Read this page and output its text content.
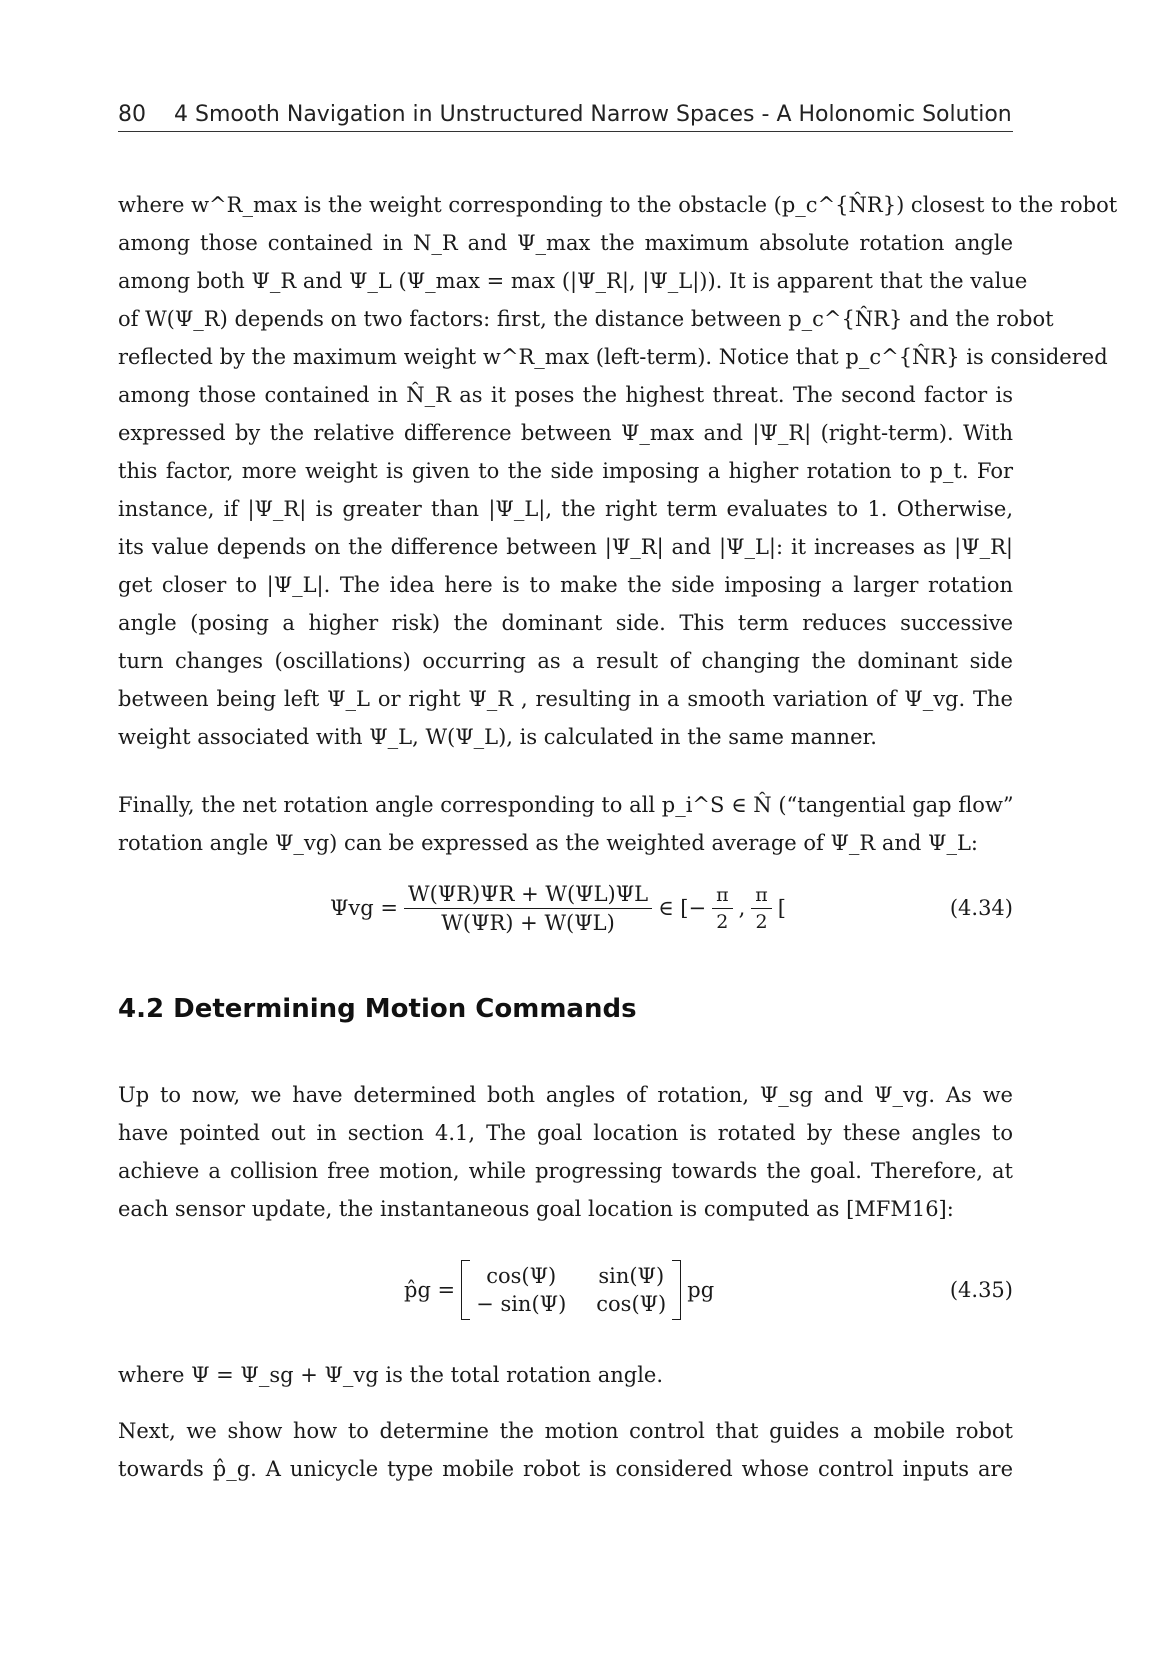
80 4 Smooth Navigation in Unstructured Narrow Spaces - A Holonomic Solution

where w^R_max is the weight corresponding to the obstacle (p_c^{N̂R}) closest to the robot
among those contained in N_R and Ψ_max the maximum absolute rotation angle
among both Ψ_R and Ψ_L (Ψ_max = max (|Ψ_R|, |Ψ_L|)). It is apparent that the value
of W(Ψ_R) depends on two factors: first, the distance between p_c^{N̂R} and the robot
reflected by the maximum weight w^R_max (left-term). Notice that p_c^{N̂R} is considered
among those contained in N̂_R as it poses the highest threat. The second factor is
expressed by the relative difference between Ψ_max and |Ψ_R| (right-term). With
this factor, more weight is given to the side imposing a higher rotation to p_t. For
instance, if |Ψ_R| is greater than |Ψ_L|, the right term evaluates to 1. Otherwise,
its value depends on the difference between |Ψ_R| and |Ψ_L|: it increases as |Ψ_R|
get closer to |Ψ_L|. The idea here is to make the side imposing a larger rotation
angle (posing a higher risk) the dominant side. This term reduces successive
turn changes (oscillations) occurring as a result of changing the dominant side
between being left Ψ_L or right Ψ_R , resulting in a smooth variation of Ψ_vg. The
weight associated with Ψ_L, W(Ψ_L), is calculated in the same manner.

Finally, the net rotation angle corresponding to all p_i^S ∈ N̂ (“tangential gap flow”
rotation angle Ψ_vg) can be expressed as the weighted average of Ψ_R and Ψ_L:

$\Psi vg = \frac{W(\Psi R)\Psi R + W(\Psi L)\Psi L}{W(\Psi R) + W(\Psi L)}$ ∈ [− $\frac{\pi}{2}$ , $\frac{\pi}{2}$ [	(4.34)
4.2 Determining Motion Commands

Up to now, we have determined both angles of rotation, Ψ_sg and Ψ_vg. As we
have pointed out in section 4.1, The goal location is rotated by these angles to
achieve a collision free motion, while progressing towards the goal. Therefore, at
each sensor update, the instantaneous goal location is computed as [MFM16]:

p̂g =
cos(Ψ)	sin(Ψ)
− sin(Ψ) cos(Ψ)
pg	(4.35)

where Ψ = Ψ_sg + Ψ_vg is the total rotation angle.

Next, we show how to determine the motion control that guides a mobile robot
towards p̂_g. A unicycle type mobile robot is considered whose control inputs are
